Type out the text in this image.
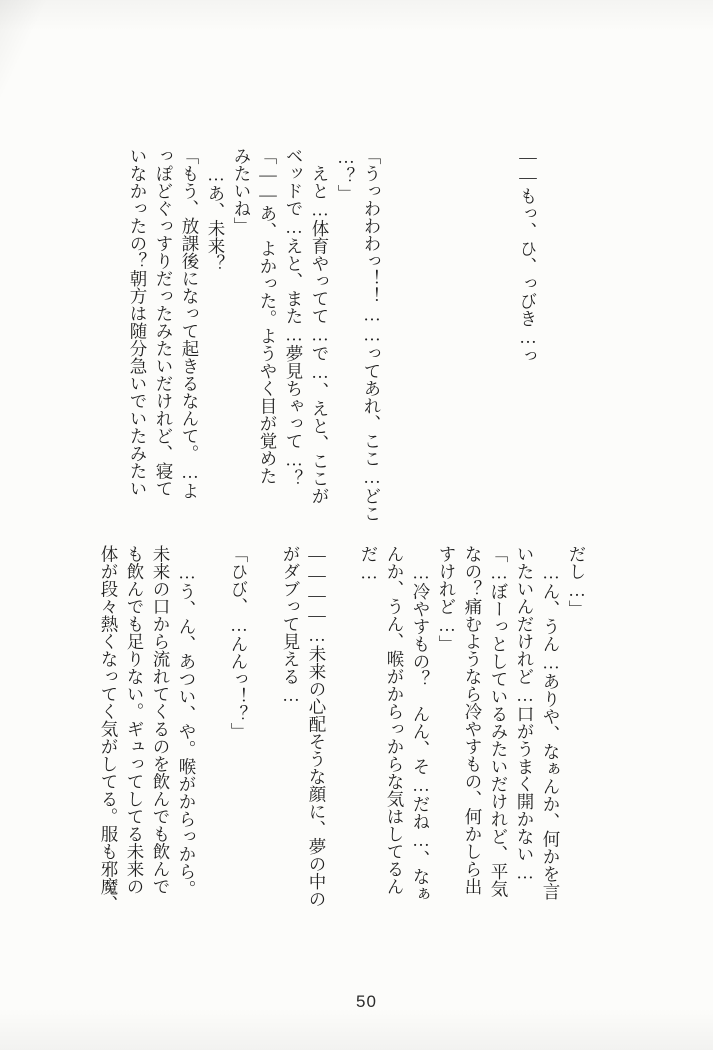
――もっ、ひ、っびき…っ

「うっわわわっ！！……ってあれ、ここ…どこ
…？」
　えと…体育やってて…で…、えと、ここが
ベッドで…えと、また…夢見ちゃって…？
「――あ、よかった。ようやく目が覚めた
みたいね」
　…あ、未来？
「もう、放課後になって起きるなんて。…よ
っぽどぐっすりだったみたいだけれど、寝て
いなかったの？朝方は随分急いでいたみたい
だし…」
　…ん、うん…ありや、なぁんか、何かを言
いたいんだけれど…口がうまく開かない…
「…ぼーっとしているみたいだけれど、平気
なの？痛むようなら冷やすもの、何かしら出
すけれど…」
　…冷やすもの？　んん、そ…だね…、なぁ
んか、うん、喉がからっからな気はしてるん
だ…

――――…未来の心配そうな顔に、夢の中の
がダブって見える…

「ひび、…んんっ！？」

　…う、ん、あつい、や。喉がからっから。
未来の口から流れてくるのを飲んでも飲んで
も飲んでも足りない。ギュってしてる未来の
体が段々熱くなってく気がしてる。服も邪魔、
50
